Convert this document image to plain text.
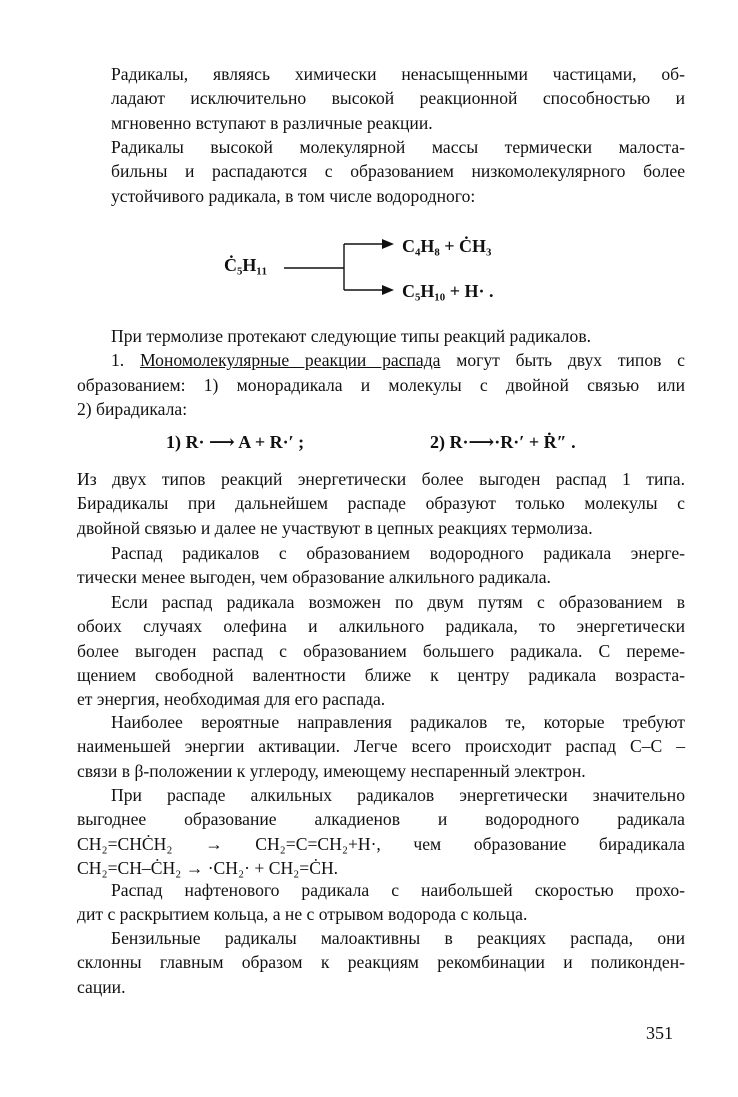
Радикалы, являясь химически ненасыщенными частицами, об-
ладают исключительно высокой реакционной способностью и
мгновенно вступают в различные реакции.
Радикалы высокой молекулярной массы термически малоста-
бильны и распадаются с образованием низкомолекулярного более
устойчивого радикала, в том числе водородного:
Ċ₅H₁₁
C₄H₈ + ĊH₃
C₅H₁₀ + H· .
При термолизе протекают следующие типы реакций радикалов.
1. Мономолекулярные реакции распада могут быть двух типов с
образованием: 1) монорадикала и молекулы с двойной связью или
2) бирадикала:
1) R· ⟶ A + R·′ ;	2) R·⟶·R·′ + Ṙ″ .
Из двух типов реакций энергетически более выгоден распад 1 типа.
Бирадикалы при дальнейшем распаде образуют только молекулы с
двойной связью и далее не участвуют в цепных реакциях термолиза.
Распад радикалов с образованием водородного радикала энерге-
тически менее выгоден, чем образование алкильного радикала.
Если распад радикала возможен по двум путям с образованием в
обоих случаях олефина и алкильного радикала, то энергетически
более выгоден распад с образованием большего радикала. С переме-
щением свободной валентности ближе к центру радикала возраста-
ет энергия, необходимая для его распада.
Наиболее вероятные направления радикалов те, которые требуют
наименьшей энергии активации. Легче всего происходит распад С–С –
связи в β-положении к углероду, имеющему неспаренный электрон.
При распаде алкильных радикалов энергетически значительно
выгоднее образование алкадиенов и водородного радикала
CH₂=CHĊH₂ → CH₂=C=CH₂+H·, чем образование бирадикала
CH₂=CH–ĊH₂ → ·CH₂· + CH₂=ĊH.
Распад нафтенового радикала с наибольшей скоростью прохо-
дит с раскрытием кольца, а не с отрывом водорода с кольца.
Бензильные радикалы малоактивны в реакциях распада, они
склонны главным образом к реакциям рекомбинации и поликонден-
сации.
351
